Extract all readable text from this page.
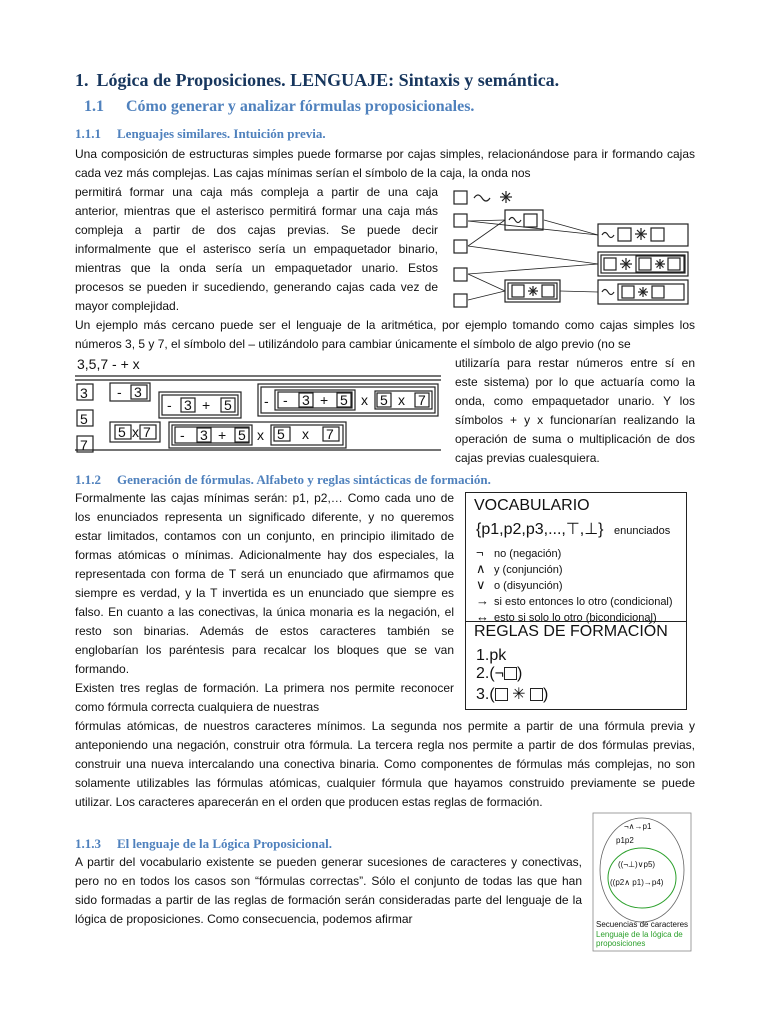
1. Lógica de Proposiciones. LENGUAJE: Sintaxis y semántica.
1.1 Cómo generar y analizar fórmulas proposicionales.
1.1.1 Lenguajes similares. Intuición previa.

Una composición de estructuras simples puede formarse por cajas simples, relacionándose para ir formando cajas cada vez más complejas. Las cajas mínimas serían el símbolo de la caja, la onda nos

permitirá formar una caja más compleja a partir de una caja anterior, mientras que el asterisco permitirá formar una caja más compleja a partir de dos cajas previas. Se puede decir informalmente que el asterisco sería un empaquetador binario, mientras que la onda sería un empaquetador unario. Estos procesos se pueden ir sucediendo, generando cajas cada vez de mayor complejidad.

Un ejemplo más cercano puede ser el lenguaje de la aritmética, por ejemplo tomando como cajas simples los números 3, 5 y 7, el símbolo del – utilizándolo para cambiar únicamente el símbolo de algo previo (no se

utilizaría para restar números entre sí en este sistema) por lo que actuaría como la onda, como empaquetador unario. Y los símbolos + y x funcionarían realizando la operación de suma o multiplicación de dos cajas previas cualesquiera.

3,5,7 - + x
3
5
7
- 3
- 3 + 5
5 x 7
- - 3 + 5 x 5 x 7
- 3 + 5 x 5 x 7
1.1.2 Generación de fórmulas. Alfabeto y reglas sintácticas de formación.

Formalmente las cajas mínimas serán: p1, p2,… Como cada uno de los enunciados representa un significado diferente, y no queremos estar limitados, contamos con un conjunto, en principio ilimitado de formas atómicas o mínimas. Adicionalmente hay dos especiales, la representada con forma de T será un enunciado que afirmamos que siempre es verdad, y la T invertida es un enunciado que siempre es falso. En cuanto a las conectivas, la única monaria es la negación, el resto son binarias. Además de estos caracteres también se englobarían los paréntesis para recalcar los bloques que se van formando.

Existen tres reglas de formación. La primera nos permite reconocer como fórmula correcta cualquiera de nuestras

fórmulas atómicas, de nuestros caracteres mínimos. La segunda nos permite a partir de una fórmula previa y anteponiendo una negación, construir otra fórmula. La tercera regla nos permite a partir de dos fórmulas previas, construir una nueva intercalando una conectiva binaria. Como componentes de fórmulas más complejas, no son solamente utilizables las fórmulas atómicas, cualquier fórmula que hayamos construido previamente se puede utilizar. Los caracteres aparecerán en el orden que producen estas reglas de formación.

VOCABULARIO
{p1,p2,p3,...,⊤,⊥} enunciados
¬ no (negación)
∧ y (conjunción)
∨ o (disyunción)
→ si esto entonces lo otro (condicional)
↔ esto si solo lo otro (bicondicional)
REGLAS DE FORMACIÓN
1.pk
2.(¬ )
3.( ✳ )
1.1.3 El lenguaje de la Lógica Proposicional.

A partir del vocabulario existente se pueden generar sucesiones de caracteres y conectivas, pero no en todos los casos son “fórmulas correctas”. Sólo el conjunto de todas las que han sido formadas a partir de las reglas de formación serán consideradas parte del lenguaje de la lógica de proposiciones. Como consecuencia, podemos afirmar

¬∧→p1
p1p2
((¬⊥)∨p5)
((p2∧ p1)→p4)
Secuencias de caracteres
Lenguaje de la lógica de proposiciones
